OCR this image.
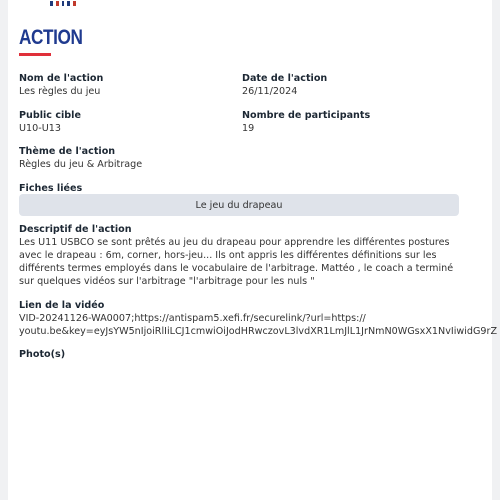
ACTION
Nom de l'action
Les règles du jeu
Date de l'action
26/11/2024
Public cible
U10-U13
Nombre de participants
19
Thème de l'action
Règles du jeu & Arbitrage
Fiches liées
Le jeu du drapeau
Descriptif de l'action
Les U11 USBCO se sont prêtés au jeu du drapeau pour apprendre les différentes postures
avec le drapeau : 6m, corner, hors-jeu... Ils ont appris les différentes définitions sur les
différents termes employés dans le vocabulaire de l'arbitrage. Mattéo , le coach a terminé
sur quelques vidéos sur l'arbitrage "l'arbitrage pour les nuls "
Lien de la vidéo
VID-20241126-WA0007;https://antispam5.xefi.fr/securelink/?url=https://
youtu.be&key=eyJsYW5nIjoiRlIiLCJ1cmwiOiJodHRwczovL3lvdXR1LmJlL1JrNmN0WGsxX1NvIiwidG9rZ
Photo(s)
